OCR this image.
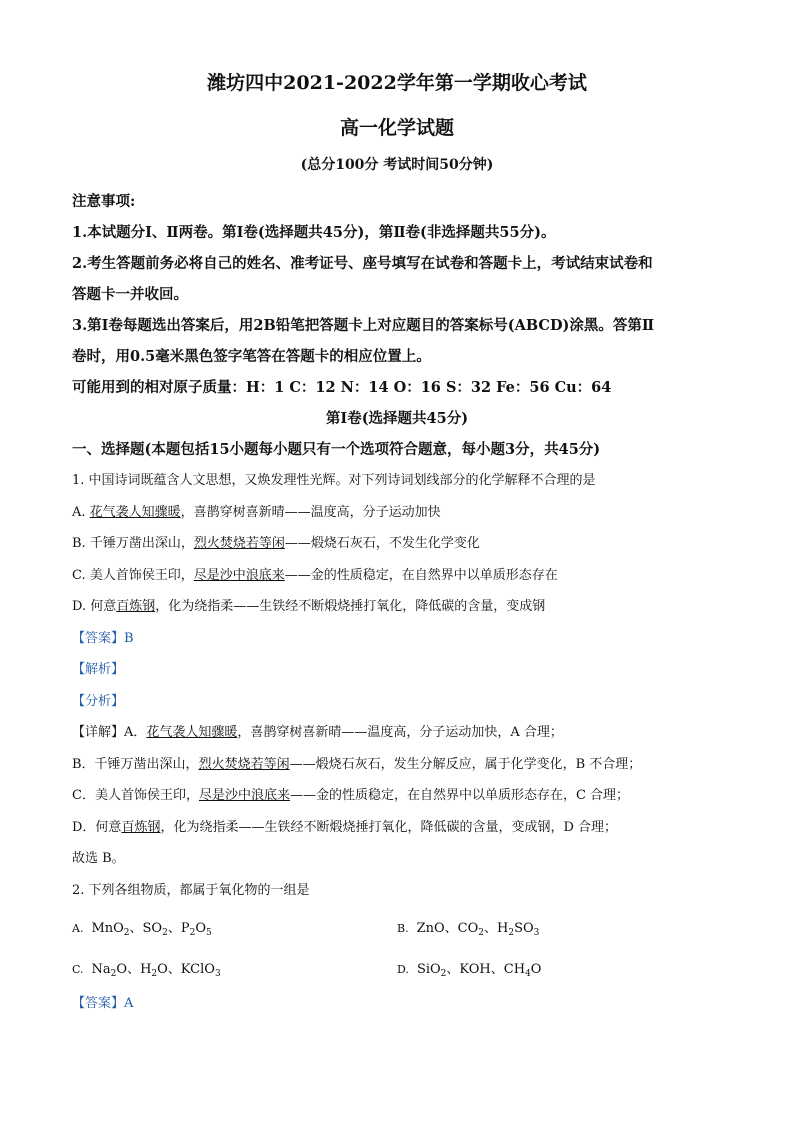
潍坊四中2021-2022学年第一学期收心考试

高一化学试题

(总分100分 考试时间50分钟)

注意事项:

1.本试题分Ⅰ、Ⅱ两卷。第Ⅰ卷(选择题共45分)，第Ⅱ卷(非选择题共55分)。

2.考生答题前务必将自己的姓名、准考证号、座号填写在试卷和答题卡上，考试结束试卷和

答题卡一并收回。

3.第Ⅰ卷每题选出答案后，用2B铅笔把答题卡上对应题目的答案标号(ABCD)涂黑。答第Ⅱ

卷时，用0.5毫米黑色签字笔答在答题卡的相应位置上。

可能用到的相对原子质量：H：1 C：12 N：14 O：16 S：32 Fe：56 Cu：64

第Ⅰ卷(选择题共45分)

一、选择题(本题包括15小题每小题只有一个选项符合题意，每小题3分，共45分)

1. 中国诗词既蕴含人文思想，又焕发理性光辉。对下列诗词划线部分的化学解释不合理的是

A. 花气袭人知骤暖，喜鹊穿树喜新晴——温度高，分子运动加快

B. 千锤万凿出深山，烈火焚烧若等闲——煅烧石灰石，不发生化学变化

C. 美人首饰侯王印，尽是沙中浪底来——金的性质稳定，在自然界中以单质形态存在

D. 何意百炼钢，化为绕指柔——生铁经不断煅烧捶打氧化，降低碳的含量，变成钢

【答案】B

【解析】

【分析】

【详解】A．花气袭人知骤暖，喜鹊穿树喜新晴——温度高，分子运动加快，A 合理；

B．千锤万凿出深山，烈火焚烧若等闲——煅烧石灰石，发生分解反应，属于化学变化，B 不合理；

C．美人首饰侯王印，尽是沙中浪底来——金的性质稳定，在自然界中以单质形态存在，C 合理；

D．何意百炼钢，化为绕指柔——生铁经不断煅烧捶打氧化，降低碳的含量，变成钢，D 合理；

故选 B。

2. 下列各组物质，都属于氧化物的一组是

A. MnO$_2$、$SO_2$、$P_2O_5$	B. ZnO、$CO_2$、$H_2SO_3$
C. $Na_2O$、$H_2O$、KClO$_3$	D. SiO$_2$、KOH、$CH_4O$

【答案】A
